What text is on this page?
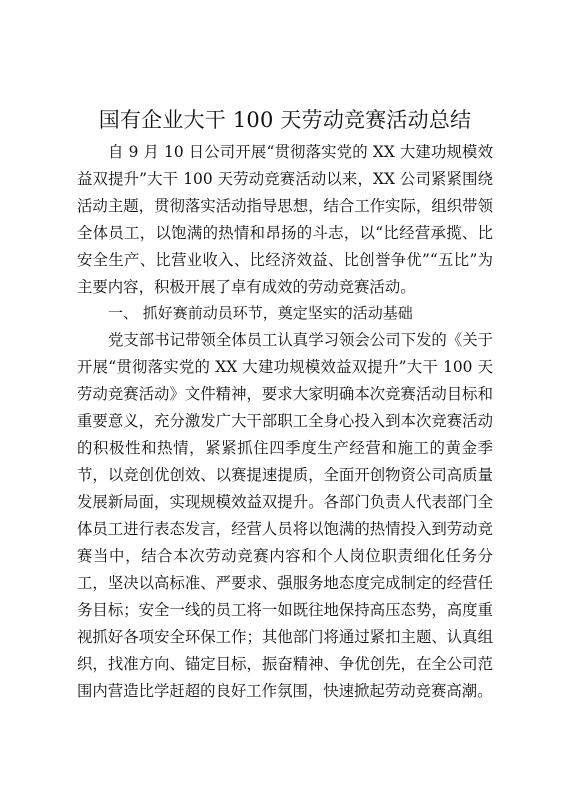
国有企业大干 100 天劳动竞赛活动总结

自 9 月 10 日公司开展“贯彻落实党的 XX 大建功规模效益双提升”大干 100 天劳动竞赛活动以来，XX 公司紧紧围绕活动主题，贯彻落实活动指导思想，结合工作实际，组织带领全体员工，以饱满的热情和昂扬的斗志，以“比经营承揽、比安全生产、比营业收入、比经济效益、比创誉争优”“五比”为主要内容，积极开展了卓有成效的劳动竞赛活动。

一、 抓好赛前动员环节，奠定坚实的活动基础

党支部书记带领全体员工认真学习领会公司下发的《关于开展“贯彻落实党的 XX 大建功规模效益双提升”大干 100 天劳动竞赛活动》文件精神，要求大家明确本次竞赛活动目标和重要意义，充分激发广大干部职工全身心投入到本次竞赛活动的积极性和热情，紧紧抓住四季度生产经营和施工的黄金季节，以竞创优创效、以赛提速提质，全面开创物资公司高质量发展新局面，实现规模效益双提升。各部门负责人代表部门全体员工进行表态发言，经营人员将以饱满的热情投入到劳动竞赛当中，结合本次劳动竞赛内容和个人岗位职责细化任务分工，坚决以高标准、严要求、强服务地态度完成制定的经营任务目标；安全一线的员工将一如既往地保持高压态势，高度重视抓好各项安全环保工作；其他部门将通过紧扣主题、认真组织，找准方向、锚定目标，振奋精神、争优创先，在全公司范围内营造比学赶超的良好工作氛围，快速掀起劳动竞赛高潮。
